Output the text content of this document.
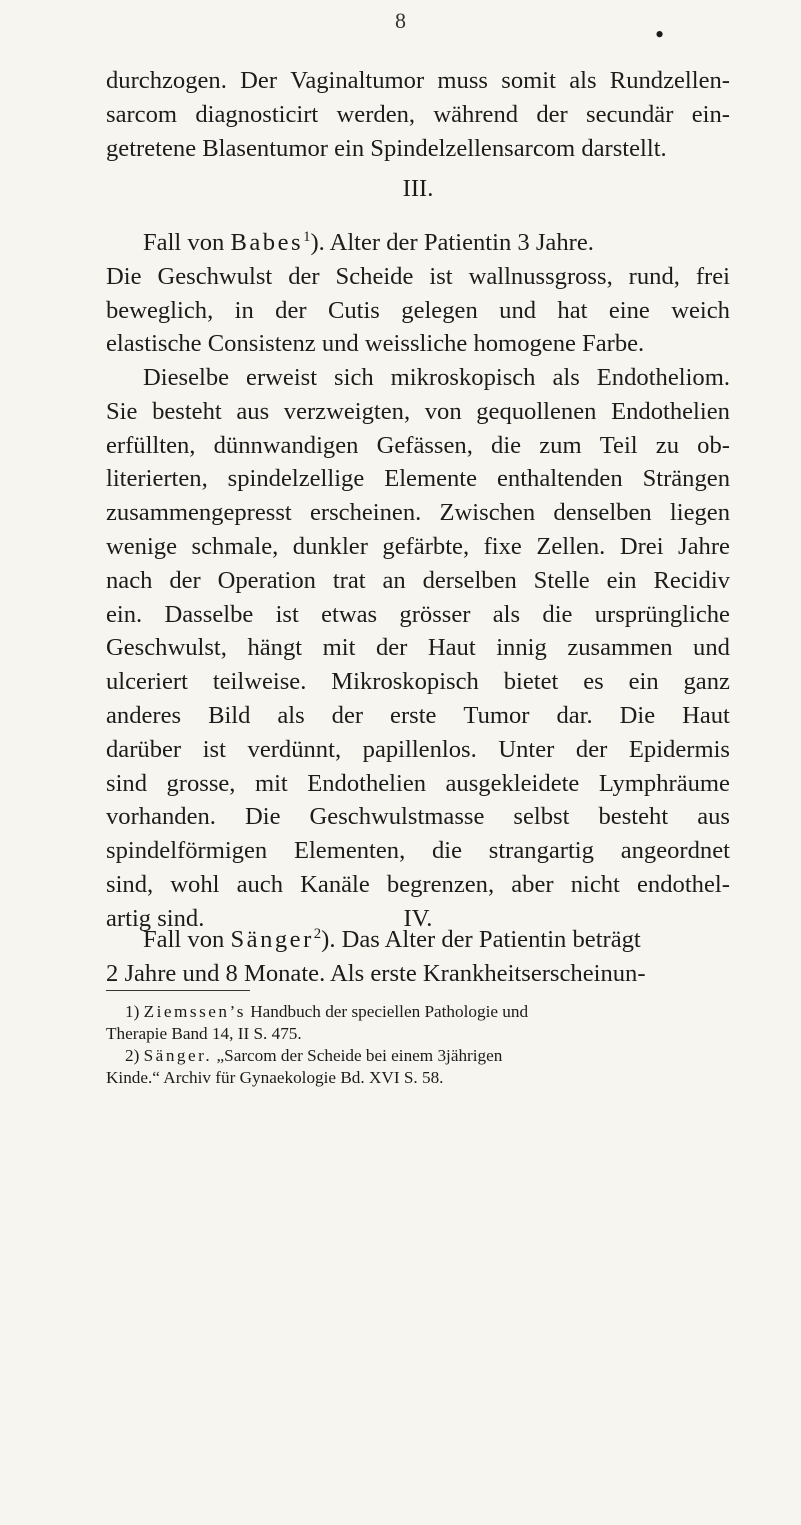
8	•
durchzogen. Der Vaginaltumor muss somit als Rundzellen-
sarcom diagnosticirt werden, während der secundär ein-
getretene Blasentumor ein Spindelzellensarcom darstellt.
III.
Fall von Babes$^1$). Alter der Patientin 3 Jahre.
Die Geschwulst der Scheide ist wallnussgross, rund, frei
beweglich, in der Cutis gelegen und hat eine weich
elastische Consistenz und weissliche homogene Farbe.
Dieselbe erweist sich mikroskopisch als Endotheliom.
Sie besteht aus verzweigten, von gequollenen Endothelien
erfüllten, dünnwandigen Gefässen, die zum Teil zu ob-
literierten, spindelzellige Elemente enthaltenden Strängen
zusammengepresst erscheinen. Zwischen denselben liegen
wenige schmale, dunkler gefärbte, fixe Zellen. Drei Jahre
nach der Operation trat an derselben Stelle ein Recidiv
ein. Dasselbe ist etwas grösser als die ursprüngliche
Geschwulst, hängt mit der Haut innig zusammen und
ulceriert teilweise. Mikroskopisch bietet es ein ganz
anderes Bild als der erste Tumor dar. Die Haut
darüber ist verdünnt, papillenlos. Unter der Epidermis
sind grosse, mit Endothelien ausgekleidete Lymphräume
vorhanden. Die Geschwulstmasse selbst besteht aus
spindelförmigen Elementen, die strangartig angeordnet
sind, wohl auch Kanäle begrenzen, aber nicht endothel-
artig sind.	IV.
Fall von Sänger$^2$). Das Alter der Patientin beträgt
2 Jahre und 8 Monate. Als erste Krankheitserscheinun-
1) Ziemssen’s Handbuch der speciellen Pathologie und
Therapie Band 14, II S. 475.
2) Sänger. „Sarcom der Scheide bei einem 3jährigen
Kinde.“ Archiv für Gynaekologie Bd. XVI S. 58.
